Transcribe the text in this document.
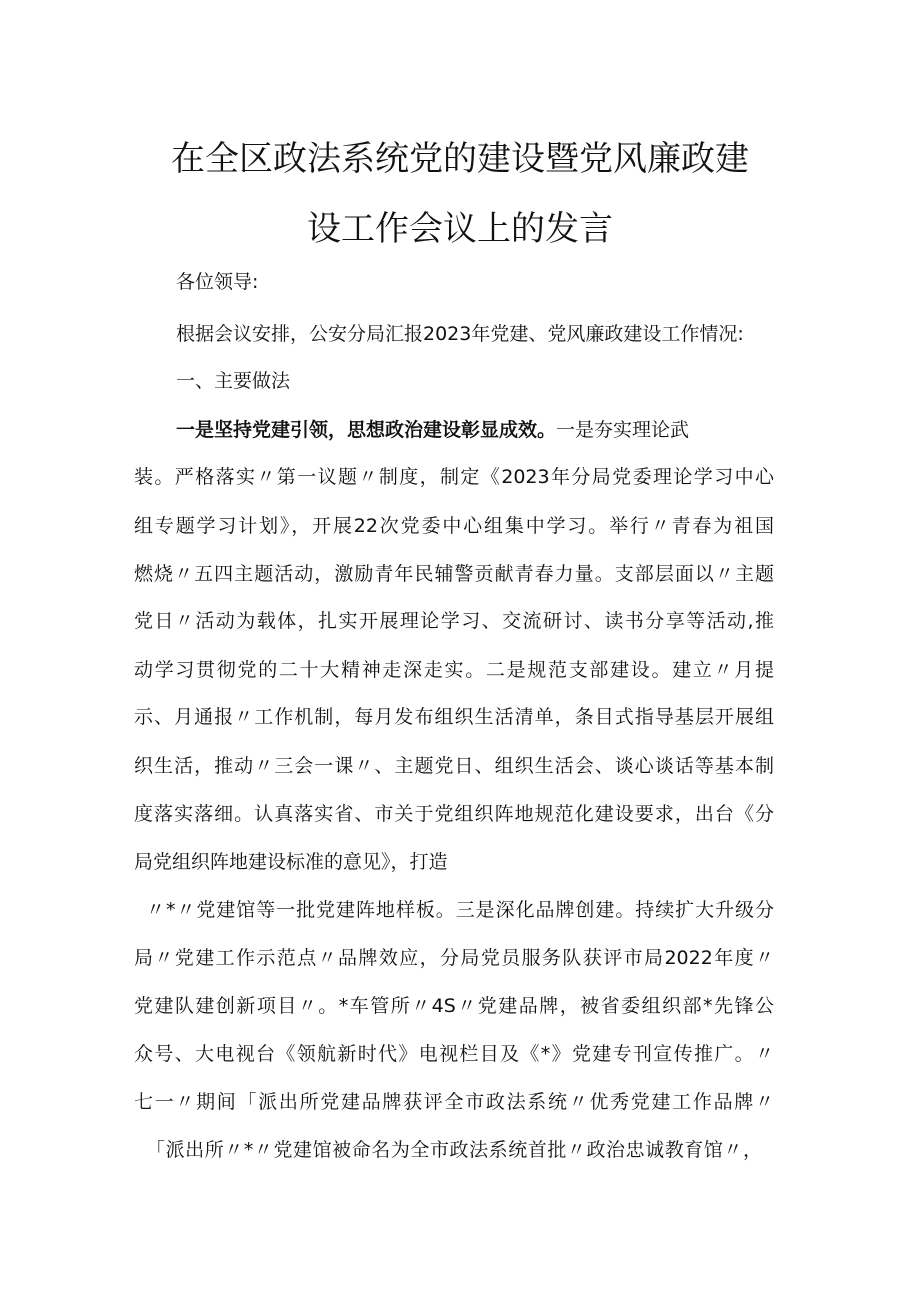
在全区政法系统党的建设暨党风廉政建
设工作会议上的发言
各位领导:
根据会议安排，公安分局汇报2023年党建、党风廉政建设工作情况:
一、主要做法
一是坚持党建引领，思想政治建设彰显成效。一是夯实理论武
装。严格落实〃第一议题〃制度，制定《2023年分局党委理论学习中心
组专题学习计划》，开展22次党委中心组集中学习。举行〃青春为祖国
燃烧〃五四主题活动，激励青年民辅警贡献青春力量。支部层面以〃主题
党日〃活动为载体，扎实开展理论学习、交流研讨、读书分享等活动,推
动学习贯彻党的二十大精神走深走实。二是规范支部建设。建立〃月提
示、月通报〃工作机制，每月发布组织生活清单，条目式指导基层开展组
织生活，推动〃三会一课〃、主题党日、组织生活会、谈心谈话等基本制
度落实落细。认真落实省、市关于党组织阵地规范化建设要求，出台《分
局党组织阵地建设标准的意见》，打造
〃*〃党建馆等一批党建阵地样板。三是深化品牌创建。持续扩大升级分
局〃党建工作示范点〃品牌效应，分局党员服务队获评市局2022年度〃
党建队建创新项目〃。*车管所〃4S〃党建品牌，被省委组织部*先锋公
众号、大电视台《领航新时代》电视栏目及《*》党建专刊宣传推广。〃
七一〃期间「派出所党建品牌获评全市政法系统〃优秀党建工作品牌〃
「派出所〃*〃党建馆被命名为全市政法系统首批〃政治忠诚教育馆〃，
